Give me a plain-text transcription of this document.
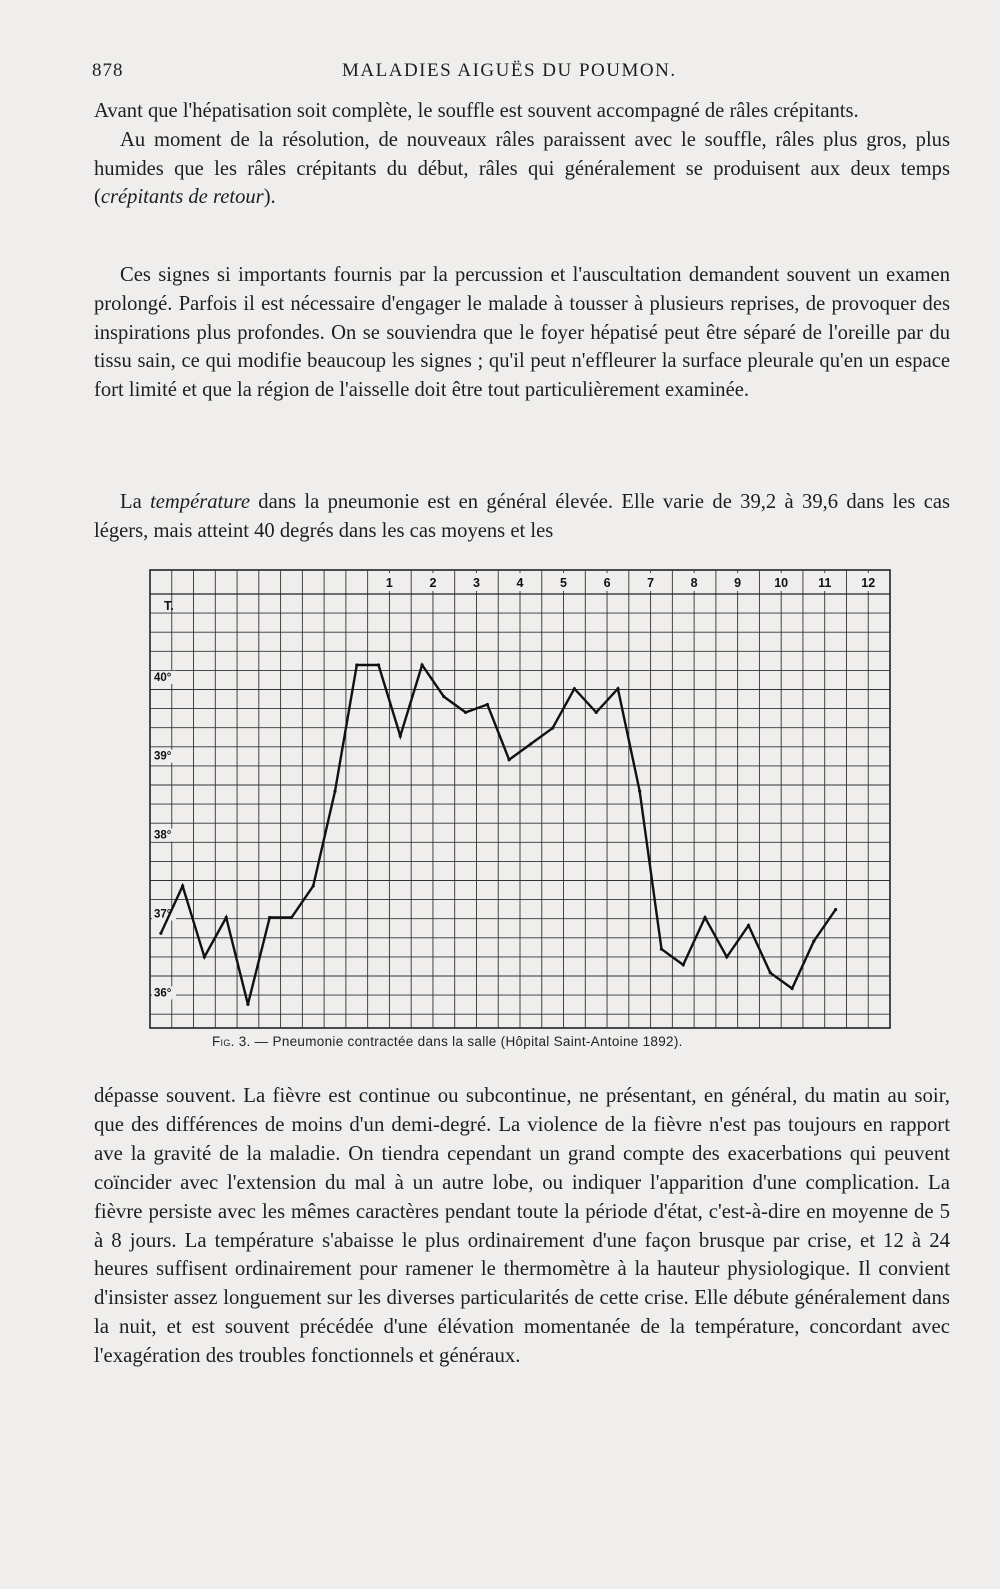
878	MALADIES AIGUËS DU POUMON.

Avant que l'hépatisation soit complète, le souffle est souvent accompagné de râles crépitants.

Au moment de la résolution, de nouveaux râles paraissent avec le souffle, râles plus gros, plus humides que les râles crépitants du début, râles qui généralement se produisent aux deux temps (crépitants de retour).

Ces signes si importants fournis par la percussion et l'auscultation demandent souvent un examen prolongé. Parfois il est nécessaire d'engager le malade à tousser à plusieurs reprises, de provoquer des inspirations plus profondes. On se souviendra que le foyer hépatisé peut être séparé de l'oreille par du tissu sain, ce qui modifie beaucoup les signes ; qu'il peut n'effleurer la surface pleurale qu'en un espace fort limité et que la région de l'aisselle doit être tout particulièrement examinée.

La température dans la pneumonie est en général élevée. Elle varie de 39,2 à 39,6 dans les cas légers, mais atteint 40 degrés dans les cas moyens et les

T.
40°
39°
38°
37°
36°
1	2	3	4	5	6	7	8	9	10 11 12
Fig. 3. — Pneumonie contractée dans la salle (Hôpital Saint-Antoine 1892).

dépasse souvent. La fièvre est continue ou subcontinue, ne présentant, en général, du matin au soir, que des différences de moins d'un demi-degré. La violence de la fièvre n'est pas toujours en rapport ave la gravité de la maladie. On tiendra cependant un grand compte des exacerbations qui peuvent coïncider avec l'extension du mal à un autre lobe, ou indiquer l'apparition d'une complication. La fièvre persiste avec les mêmes caractères pendant toute la période d'état, c'est-à-dire en moyenne de 5 à 8 jours. La température s'abaisse le plus ordinairement d'une façon brusque par crise, et 12 à 24 heures suffisent ordinairement pour ramener le thermomètre à la hauteur physiologique. Il convient d'insister assez longuement sur les diverses particularités de cette crise. Elle débute généralement dans la nuit, et est souvent précédée d'une élévation momentanée de la température, concordant avec l'exagération des troubles fonctionnels et généraux.
